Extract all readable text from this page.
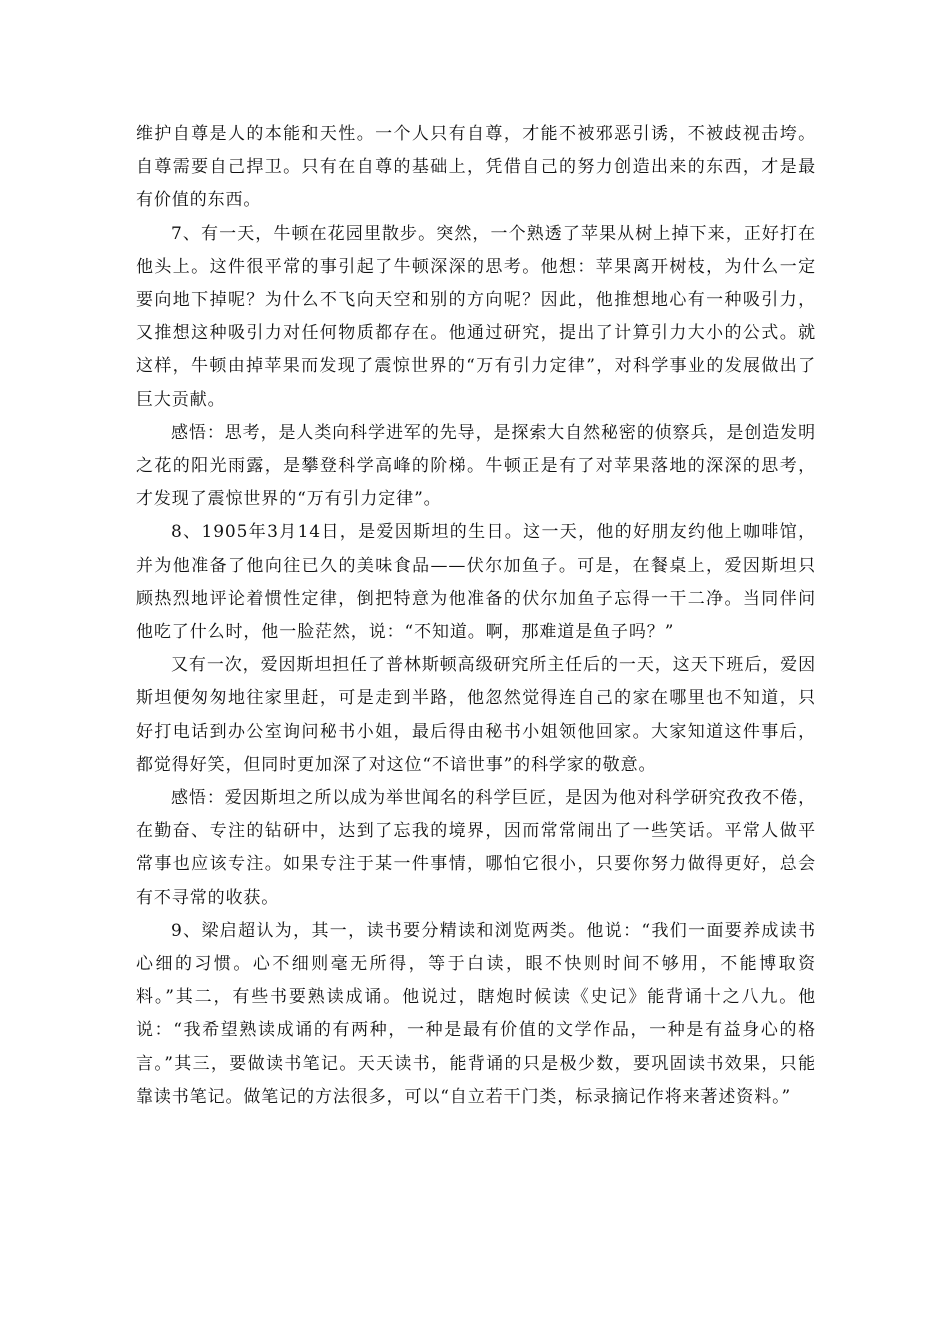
维护自尊是人的本能和天性。一个人只有自尊，才能不被邪恶引诱，不被歧视击垮。自尊需要自己捍卫。只有在自尊的基础上，凭借自己的努力创造出来的东西，才是最有价值的东西。

7、有一天，牛顿在花园里散步。突然，一个熟透了苹果从树上掉下来，正好打在他头上。这件很平常的事引起了牛顿深深的思考。他想：苹果离开树枝，为什么一定要向地下掉呢？为什么不飞向天空和别的方向呢？因此，他推想地心有一种吸引力，又推想这种吸引力对任何物质都存在。他通过研究，提出了计算引力大小的公式。就这样，牛顿由掉苹果而发现了震惊世界的“万有引力定律”，对科学事业的发展做出了巨大贡献。

感悟：思考，是人类向科学进军的先导，是探索大自然秘密的侦察兵，是创造发明之花的阳光雨露，是攀登科学高峰的阶梯。牛顿正是有了对苹果落地的深深的思考，才发现了震惊世界的“万有引力定律”。

8、1905年3月14日，是爱因斯坦的生日。这一天，他的好朋友约他上咖啡馆，并为他准备了他向往已久的美味食品——伏尔加鱼子。可是，在餐桌上，爱因斯坦只顾热烈地评论着惯性定律，倒把特意为他准备的伏尔加鱼子忘得一干二净。当同伴问他吃了什么时，他一脸茫然，说：“不知道。啊，那难道是鱼子吗？”

又有一次，爱因斯坦担任了普林斯顿高级研究所主任后的一天，这天下班后，爱因斯坦便匆匆地往家里赶，可是走到半路，他忽然觉得连自己的家在哪里也不知道，只好打电话到办公室询问秘书小姐，最后得由秘书小姐领他回家。大家知道这件事后，都觉得好笑，但同时更加深了对这位“不谙世事”的科学家的敬意。

感悟：爱因斯坦之所以成为举世闻名的科学巨匠，是因为他对科学研究孜孜不倦，在勤奋、专注的钻研中，达到了忘我的境界，因而常常闹出了一些笑话。平常人做平常事也应该专注。如果专注于某一件事情，哪怕它很小，只要你努力做得更好，总会有不寻常的收获。

9、梁启超认为，其一，读书要分精读和浏览两类。他说：“我们一面要养成读书心细的习惯。心不细则毫无所得，等于白读，眼不快则时间不够用，不能博取资料。”其二，有些书要熟读成诵。他说过，瞎炮时候读《史记》能背诵十之八九。他说：“我希望熟读成诵的有两种，一种是最有价值的文学作品，一种是有益身心的格言。”其三，要做读书笔记。天天读书，能背诵的只是极少数，要巩固读书效果，只能靠读书笔记。做笔记的方法很多，可以“自立若干门类，标录摘记作将来著述资料。”
